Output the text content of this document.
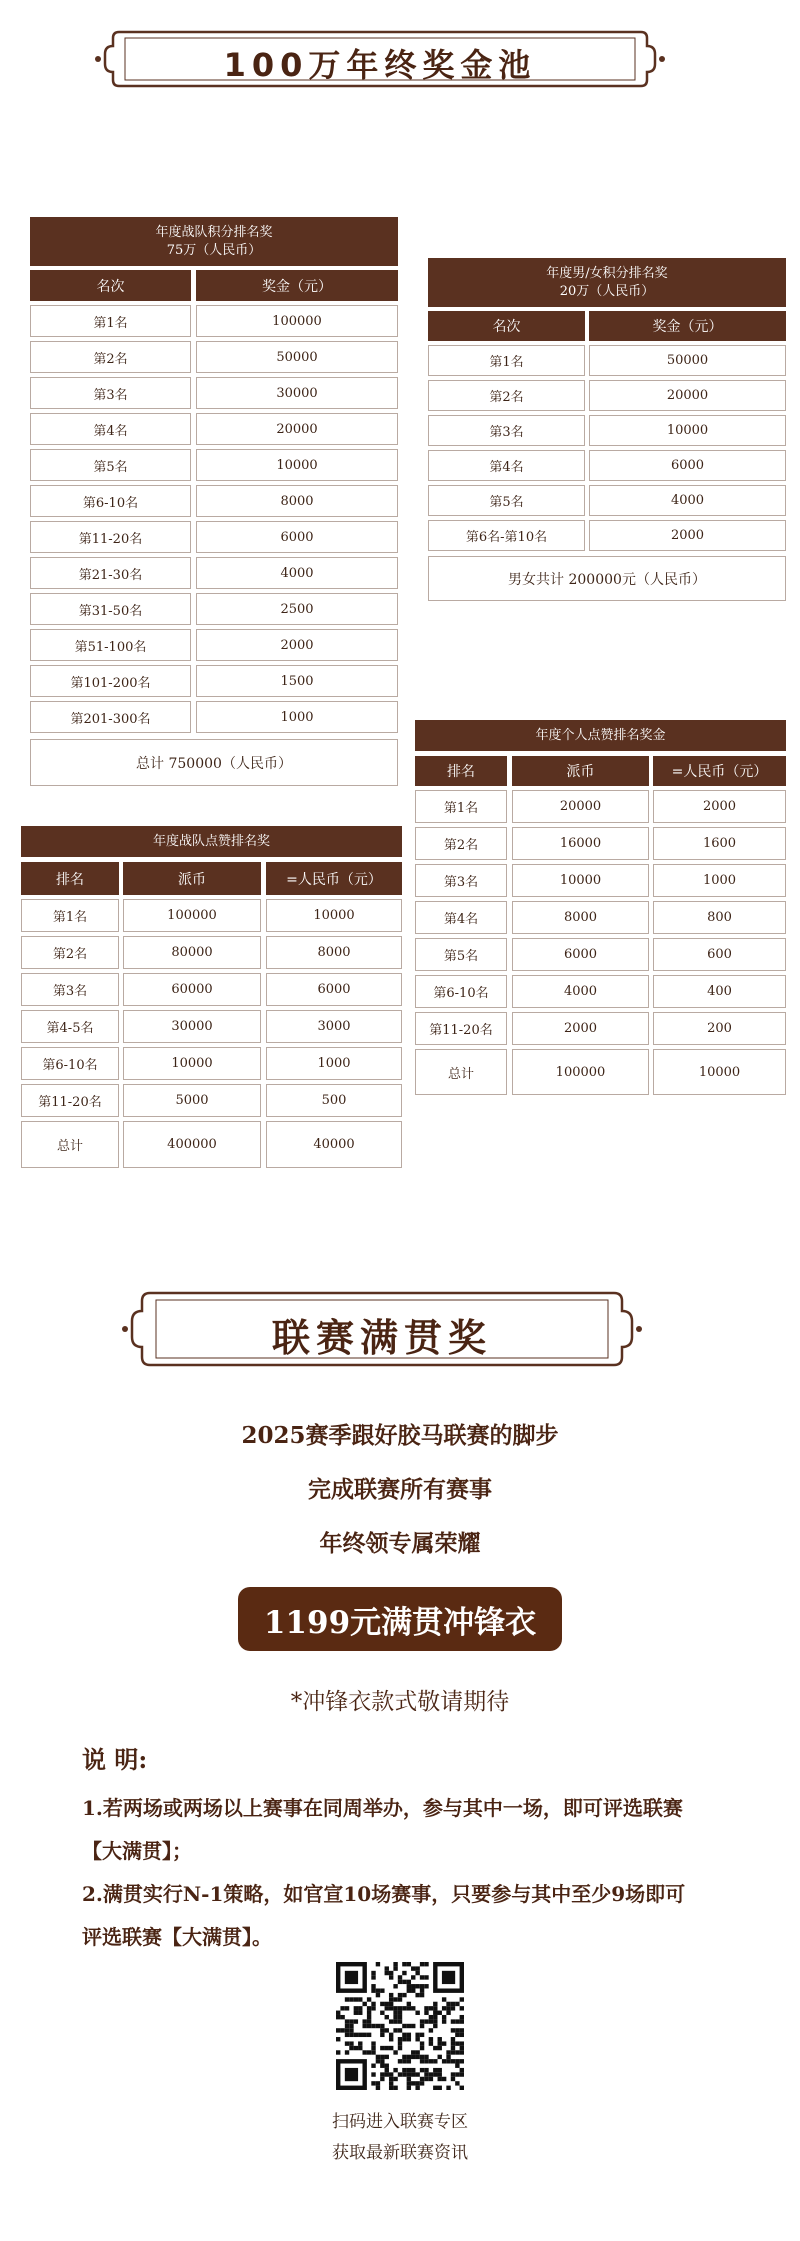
100万年终奖金池
年度战队积分排名奖
75万（人民币）
名次	奖金（元）
第1名	100000
第2名	50000
第3名	30000
第4名	20000
第5名	10000
第6-10名	8000
第11-20名	6000
第21-30名	4000
第31-50名	2500
第51-100名	2000
第101-200名	1500
第201-300名	1000
总计 750000（人民币）
年度男/女积分排名奖
20万（人民币）
名次	奖金（元）
第1名	50000
第2名	20000
第3名	10000
第4名	6000
第5名	4000
第6名-第10名	2000
男女共计 200000元（人民币）
年度个人点赞排名奖金
排名	派币	=人民币（元）
第1名	20000	2000
第2名	16000	1600
第3名	10000	1000
第4名	8000	800
第5名	6000	600
第6-10名	4000	400
第11-20名	2000	200
总计	100000	10000
年度战队点赞排名奖
排名	派币	=人民币（元）
第1名	100000	10000
第2名	80000	8000
第3名	60000	6000
第4-5名	30000	3000
第6-10名	10000	1000
第11-20名	5000	500
总计	400000	40000
联赛满贯奖
2025赛季跟好胶马联赛的脚步
完成联赛所有赛事
年终领专属荣耀
1199元满贯冲锋衣
*冲锋衣款式敬请期待
说 明:
1.若两场或两场以上赛事在同周举办，参与其中一场，即可评选联赛
【大满贯】；
2.满贯实行N-1策略，如官宣10场赛事，只要参与其中至少9场即可
评选联赛【大满贯】。
扫码进入联赛专区
获取最新联赛资讯
